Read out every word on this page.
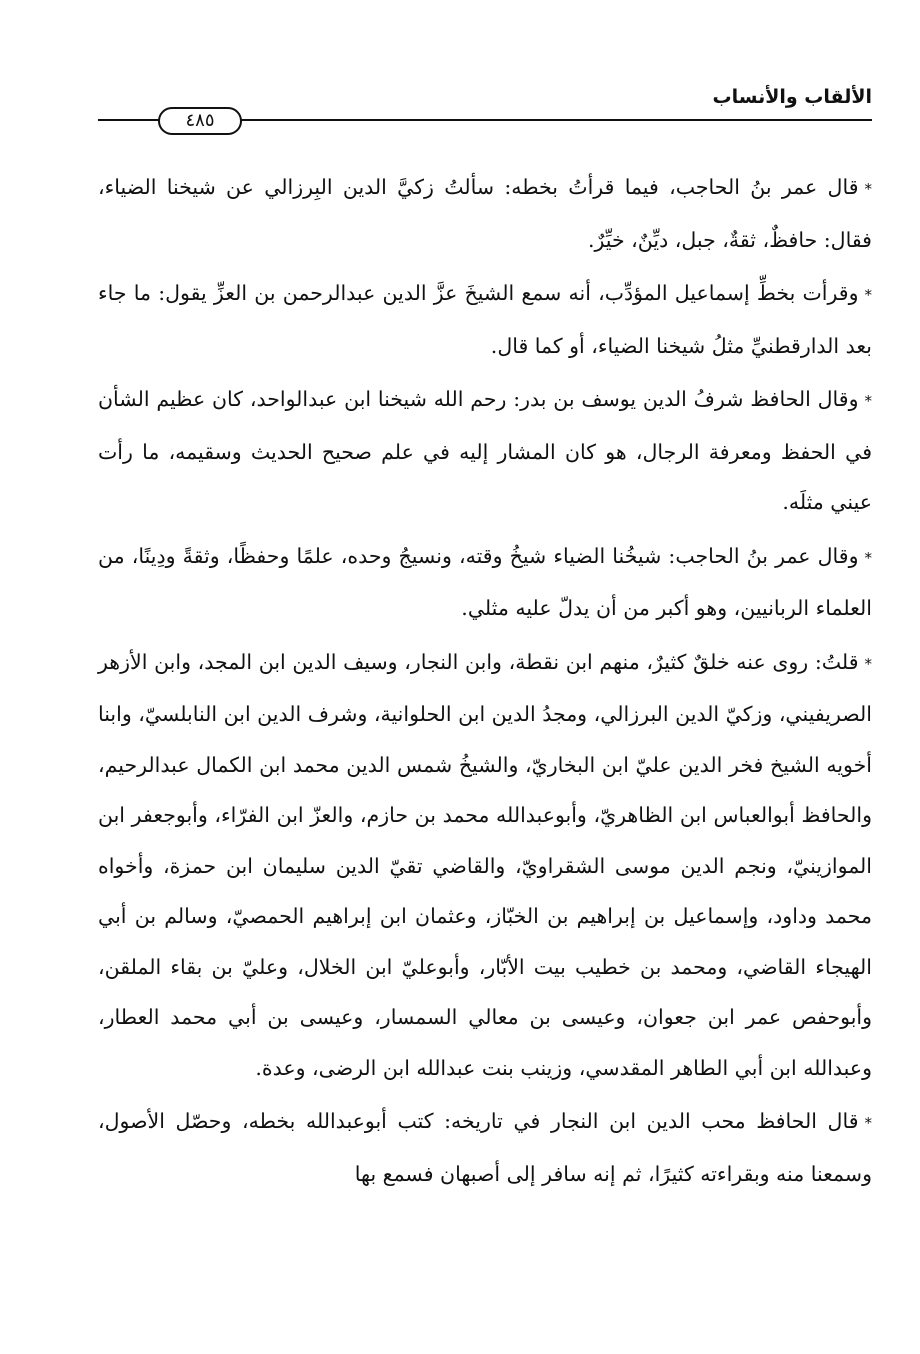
الألقاب والأنساب
٤٨٥

*قال عمر بنُ الحاجب، فيما قرأتُ بخطه: سألتُ زكيَّ الدين البِرزالي عن شيخنا الضياء، فقال: حافظٌ، ثقةٌ، جبل، ديِّنٌ، خيِّرٌ.

*وقرأت بخطِّ إسماعيل المؤدِّب، أنه سمع الشيخَ عزَّ الدين عبدالرحمن بن العزِّ يقول: ما جاء بعد الدارقطنيِّ مثلُ شيخنا الضياء، أو كما قال.

*وقال الحافظ شرفُ الدين يوسف بن بدر: رحم الله شيخنا ابن عبدالواحد، كان عظيم الشأن في الحفظ ومعرفة الرجال، هو كان المشار إليه في علم صحيح الحديث وسقيمه، ما رأت عيني مثلَه.

*وقال عمر بنُ الحاجب: شيخُنا الضياء شيخُ وقته، ونسيجُ وحده، علمًا وحفظًا، وثقةً ودِينًا، من العلماء الربانيين، وهو أكبر من أن يدلّ عليه مثلي.

*قلتُ: روى عنه خلقٌ كثيرٌ، منهم ابن نقطة، وابن النجار، وسيف الدين ابن المجد، وابن الأزهر الصريفيني، وزكيّ الدين البرزالي، ومجدُ الدين ابن الحلوانية، وشرف الدين ابن النابلسيّ، وابنا أخويه الشيخ فخر الدين عليّ ابن البخاريّ، والشيخُ شمس الدين محمد ابن الكمال عبدالرحيم، والحافظ أبوالعباس ابن الظاهريّ، وأبوعبدالله محمد بن حازم، والعزّ ابن الفرّاء، وأبوجعفر ابن الموازينيّ، ونجم الدين موسى الشقراويّ، والقاضي تقيّ الدين سليمان ابن حمزة، وأخواه محمد وداود، وإسماعيل بن إبراهيم بن الخبّاز، وعثمان ابن إبراهيم الحمصيّ، وسالم بن أبي الهيجاء القاضي، ومحمد بن خطيب بيت الأبّار، وأبوعليّ ابن الخلال، وعليّ بن بقاء الملقن، وأبوحفص عمر ابن جعوان، وعيسى بن معالي السمسار، وعيسى بن أبي محمد العطار، وعبدالله ابن أبي الطاهر المقدسي، وزينب بنت عبدالله ابن الرضى، وعدة.

*قال الحافظ محب الدين ابن النجار في تاريخه: كتب أبوعبدالله بخطه، وحصّل الأصول، وسمعنا منه وبقراءته كثيرًا، ثم إنه سافر إلى أصبهان فسمع بها
